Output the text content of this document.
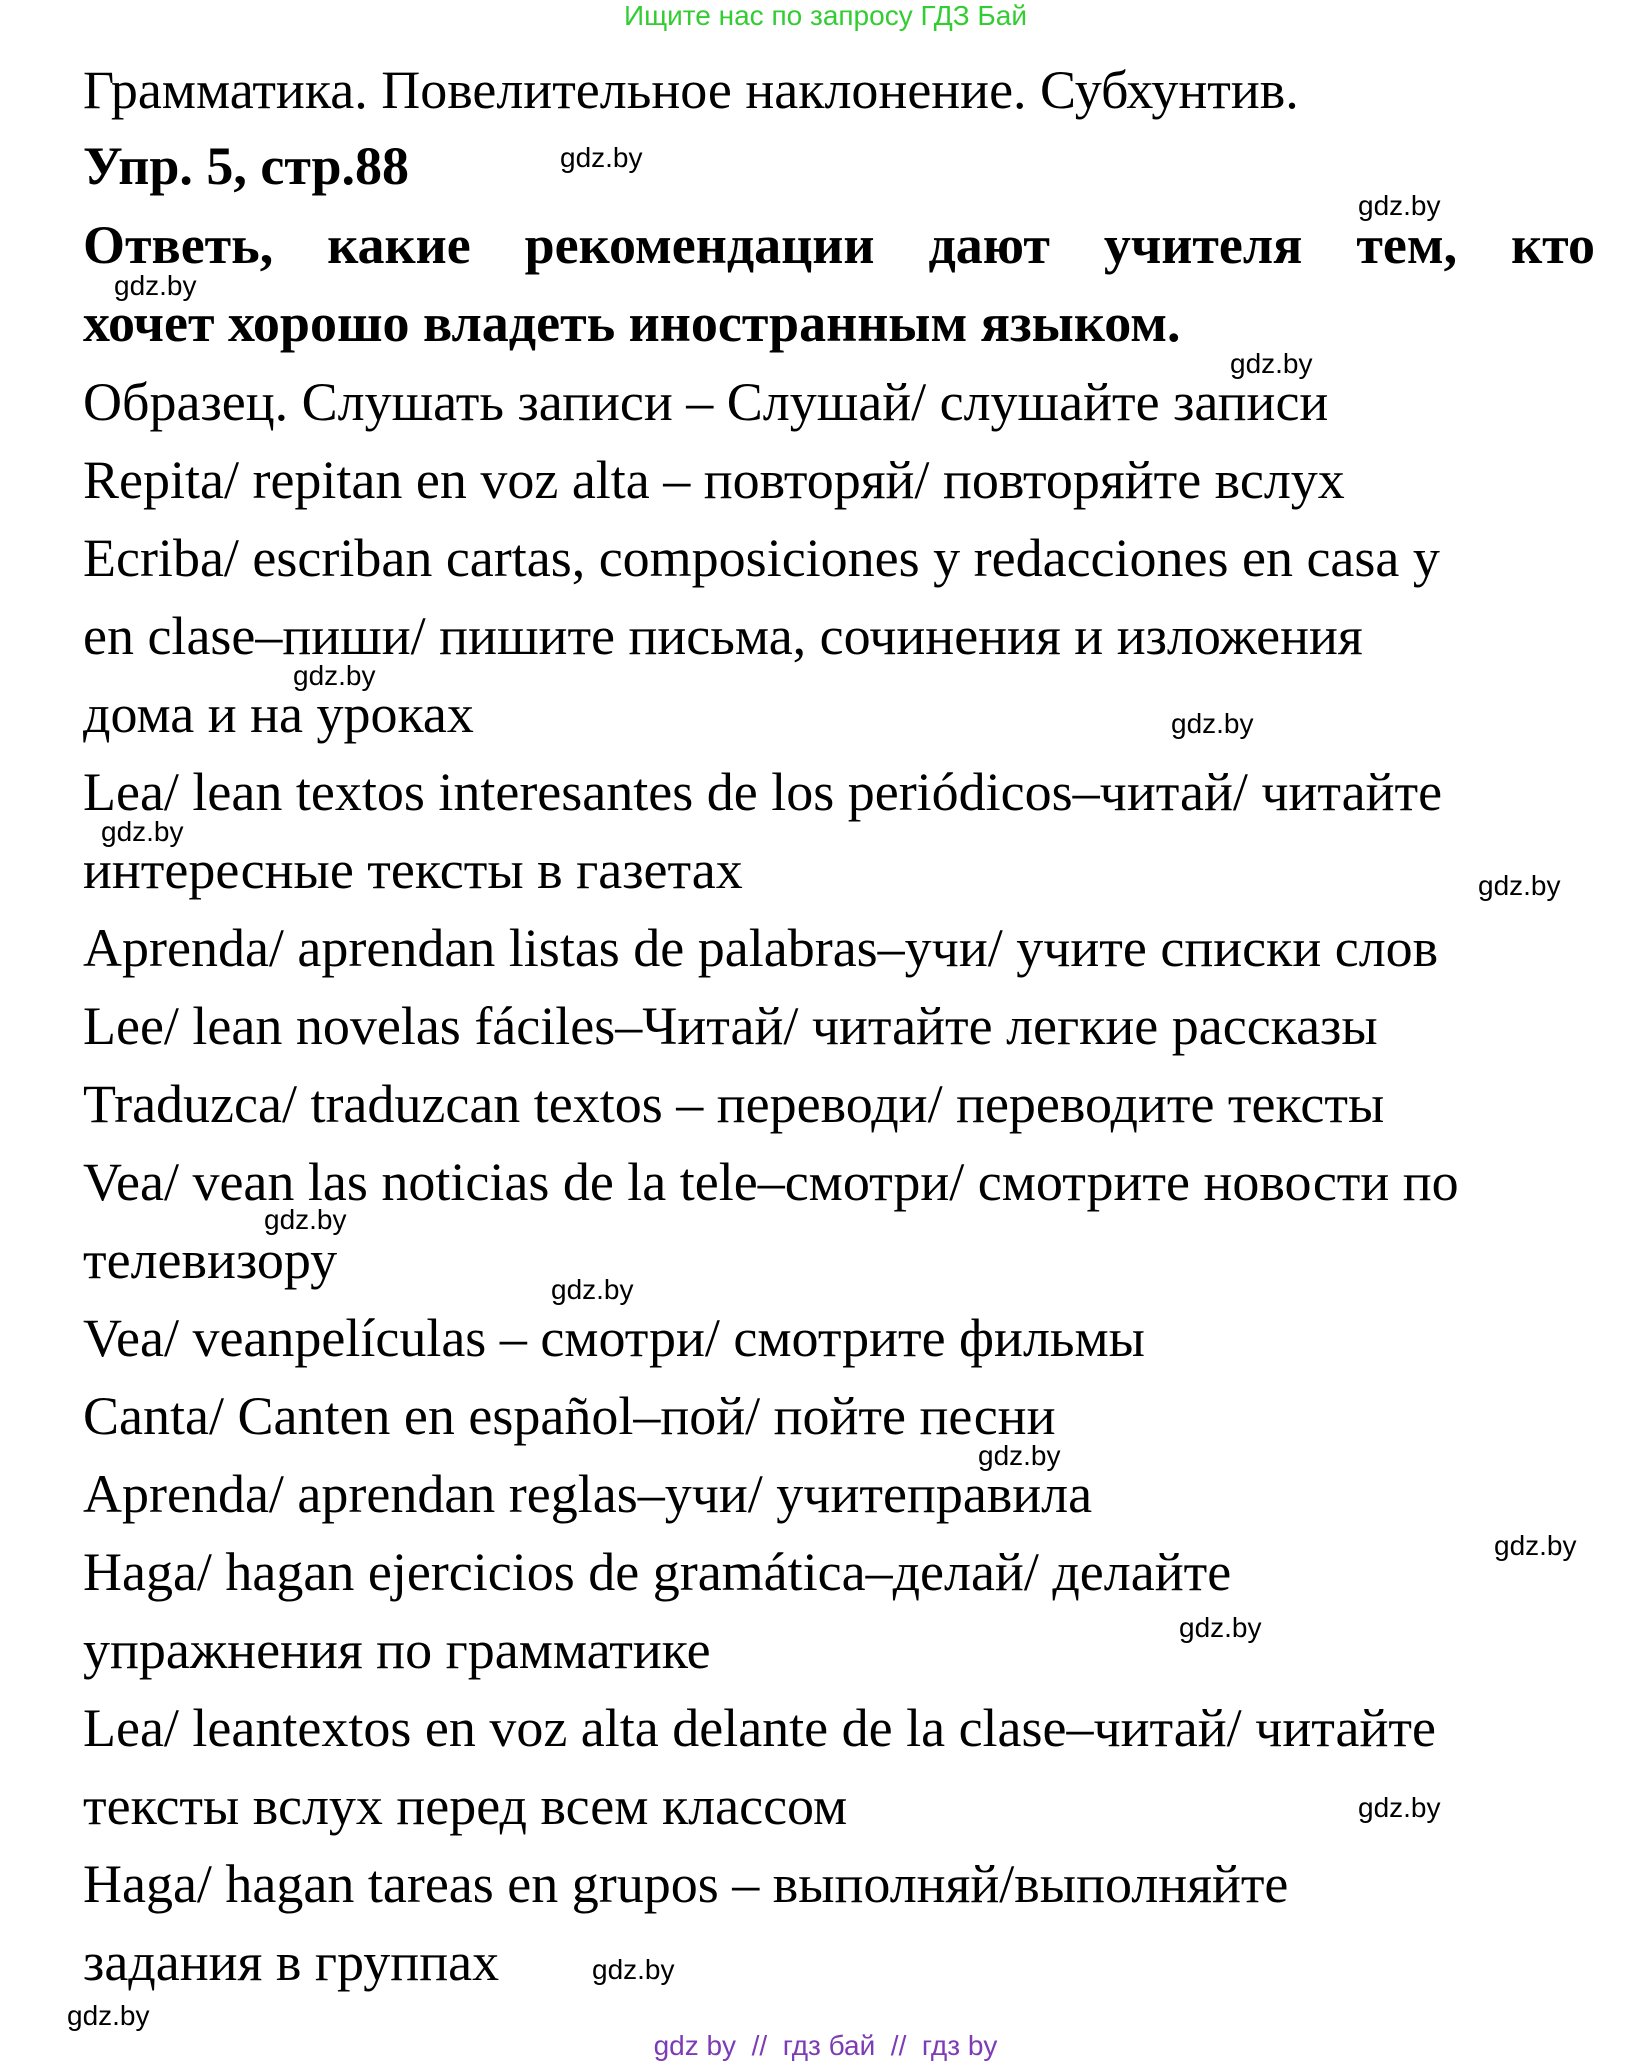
Ищите нас по запросу ГДЗ Бай
Грамматика. Повелительное наклонение. Субхунтив.
Упр. 5, стр.88
Ответь, какие рекомендации дают учителя тем, кто
хочет хорошо владеть иностранным языком.
Образец. Слушать записи – Слушай/ слушайте записи
Repita/ repitan en voz alta – повторяй/ повторяйте вслух
Ecriba/ escriban cartas, composiciones y redacciones en casa y
en clase–пиши/ пишите письма, сочинения и изложения
дома и на уроках
Lea/ lean textos interesantes de los periódicos–читай/ читайте
интересные тексты в газетах
Aprenda/ aprendan listas de palabras–учи/ учите списки слов
Lee/ lean novelas fáciles–Читай/ читайте легкие рассказы
Traduzca/ traduzcan textos – переводи/ переводите тексты
Vea/ vean las noticias de la tele–смотри/ смотрите новости по
телевизору
Vea/ veanpelículas – смотри/ смотрите фильмы
Canta/ Canten en español–пой/ пойте песни
Aprenda/ aprendan reglas–учи/ учитеправила
Haga/ hagan ejercicios de gramática–делай/ делайте
упражнения по грамматике
Lea/ leantextos en voz alta delante de la clase–читай/ читайте
тексты вслух перед всем классом
Haga/ hagan tareas en grupos – выполняй/выполняйте
задания в группах
gdz.by
gdz.by
gdz.by
gdz.by
gdz.by
gdz.by
gdz.by
gdz.by
gdz.by
gdz.by
gdz.by
gdz.by
gdz.by
gdz.by
gdz.by
gdz.by
gdz by  //  гдз бай  //  гдз by
